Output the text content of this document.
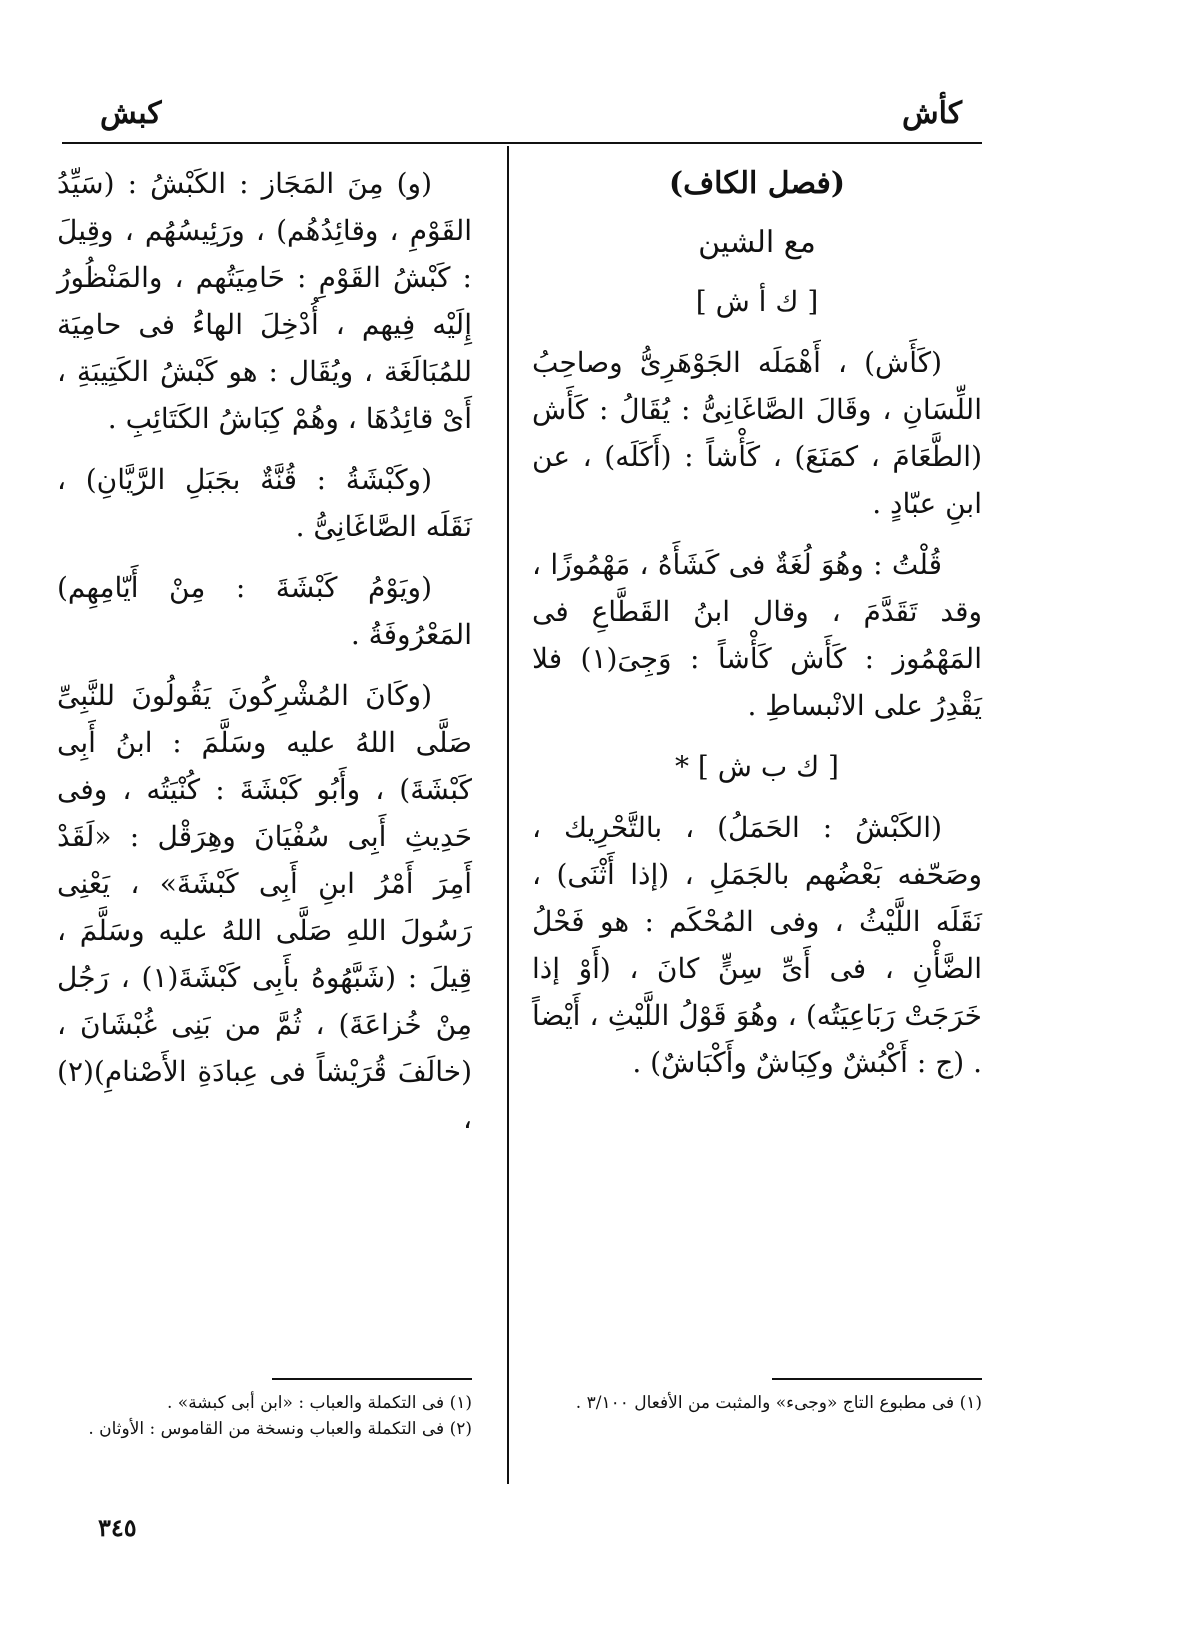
كأش
كبش
(فصل الكاف)
مع الشين
[ ك أ ش ]

(كَأَش) ، أَهْمَلَه الجَوْهَرِىُّ وصاحِبُ اللِّسَانِ ، وقَالَ الصَّاغَانِىُّ : يُقَالُ : كَأَش (الطَّعَامَ ، كمَنَعَ) ، كَأْشاً : (أَكَلَه) ، عن ابنِ عبّادٍ .

قُلْتُ : وهُوَ لُغَةٌ فى كَشَأَهُ ، مَهْمُوزًا ، وقد تَقَدَّمَ ، وقال ابنُ القَطَّاعِ فى المَهْمُوز : كَأَش كَأْشاً : وَجِىَ(١) فلا يَقْدِرُ على الانْبساطِ .

[ ك ب ش ] *

(الكَبْشُ : الحَمَلُ) ، بالتَّحْرِيك ، وصَحّفه بَعْضُهم بالجَمَلِ ، (إذا أَثْنَى) ، نَقَلَه اللَّيْثُ ، وفى المُحْكَم : هو فَحْلُ الضَّأْنِ ، فى أَىِّ سِنٍّ كانَ ، (أَوْ إذا خَرَجَتْ رَبَاعِيَتُه) ، وهُوَ قَوْلُ اللَّيْثِ ، أَيْضاً . (ج : أَكْبُشٌ وكِبَاشٌ وأَكْبَاشٌ) .

(و) مِنَ المَجَاز : الكَبْشُ : (سَيِّدُ القَوْمِ ، وقائِدُهُم) ، ورَئِيسُهُم ، وقِيلَ : كَبْشُ القَوْمِ : حَامِيَتُهم ، والمَنْظُورُ إِلَيْه فِيهم ، أُدْخِلَ الهاءُ فى حامِيَة للمُبَالَغَة ، ويُقَال : هو كَبْشُ الكَتِيبَةِ ، أَىْ قائِدُهَا ، وهُمْ كِبَاشُ الكَتَائِبِ .

(وكَبْشَةُ : قُنَّةٌ بجَبَلِ الرَّيَّانِ) ، نَقَلَه الصَّاغَانِىُّ .

(ويَوْمُ كَبْشَةَ : مِنْ أَيّامِهِم) المَعْرُوفَةُ .

(وكَانَ المُشْرِكُونَ يَقُولُونَ للنَّبِىِّ صَلَّى اللهُ عليه وسَلَّمَ : ابنُ أَبِى كَبْشَةَ) ، وأَبُو كَبْشَةَ : كُنْيَتُه ، وفى حَدِيثِ أَبِى سُفْيَانَ وهِرَقْل : «لَقَدْ أَمِرَ أَمْرُ ابنِ أَبِى كَبْشَةَ» ، يَعْنِى رَسُولَ اللهِ صَلَّى اللهُ عليه وسَلَّمَ ، قِيلَ : (شَبَّهُوهُ بأَبِى كَبْشَةَ(١) ، رَجُل مِنْ خُزاعَةَ) ، ثُمَّ من بَنِى غُبْشَانَ ، (خالَفَ قُرَيْشاً فى عِبادَةِ الأَصْنامِ)(٢) ،

(١) فى مطبوع التاج «وجىء» والمثبت من الأفعال ٣/١٠٠ .

(١) فى التكملة والعباب : «ابن أبى كبشة» .

(٢) فى التكملة والعباب ونسخة من القاموس : الأوثان .

٣٤٥
